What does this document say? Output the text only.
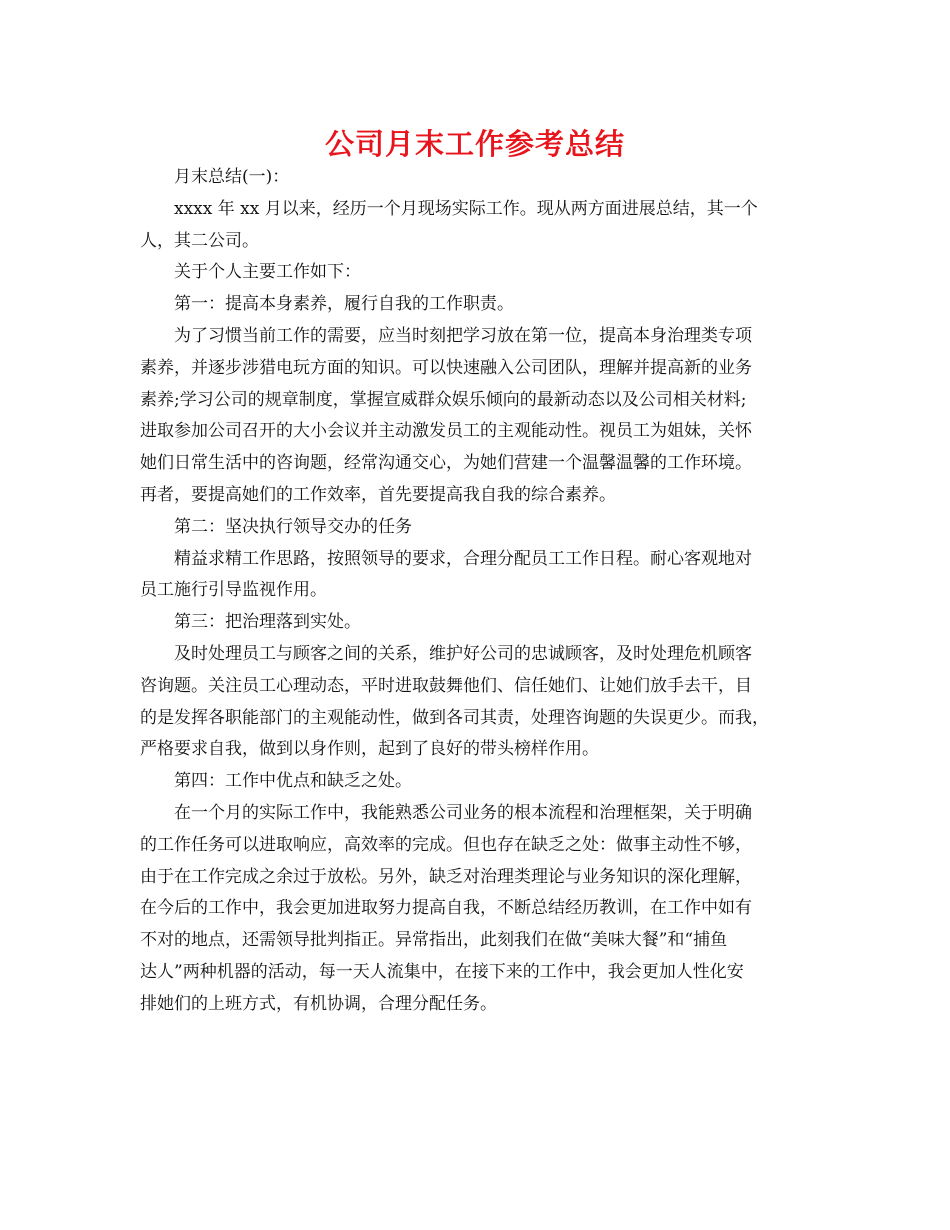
公司月末工作参考总结

月末总结(一)：

xxxx 年 xx 月以来，经历一个月现场实际工作。现从两方面进展总结，其一个
人，其二公司。

关于个人主要工作如下：

第一：提高本身素养，履行自我的工作职责。

为了习惯当前工作的需要，应当时刻把学习放在第一位，提高本身治理类专项
素养，并逐步涉猎电玩方面的知识。可以快速融入公司团队，理解并提高新的业务
素养;学习公司的规章制度，掌握宣威群众娱乐倾向的最新动态以及公司相关材料;
进取参加公司召开的大小会议并主动激发员工的主观能动性。视员工为姐妹，关怀
她们日常生活中的咨询题，经常沟通交心，为她们营建一个温馨温馨的工作环境。
再者，要提高她们的工作效率，首先要提高我自我的综合素养。

第二：坚决执行领导交办的任务

精益求精工作思路，按照领导的要求，合理分配员工工作日程。耐心客观地对
员工施行引导监视作用。

第三：把治理落到实处。

及时处理员工与顾客之间的关系，维护好公司的忠诚顾客，及时处理危机顾客
咨询题。关注员工心理动态，平时进取鼓舞他们、信任她们、让她们放手去干，目
的是发挥各职能部门的主观能动性，做到各司其责，处理咨询题的失误更少。而我，
严格要求自我，做到以身作则，起到了良好的带头榜样作用。

第四：工作中优点和缺乏之处。

在一个月的实际工作中，我能熟悉公司业务的根本流程和治理框架，关于明确
的工作任务可以进取响应，高效率的完成。但也存在缺乏之处：做事主动性不够，
由于在工作完成之余过于放松。另外，缺乏对治理类理论与业务知识的深化理解，
在今后的工作中，我会更加进取努力提高自我，不断总结经历教训，在工作中如有
不对的地点，还需领导批判指正。异常指出，此刻我们在做“美味大餐”和“捕鱼
达人”两种机器的活动，每一天人流集中，在接下来的工作中，我会更加人性化安
排她们的上班方式，有机协调，合理分配任务。
